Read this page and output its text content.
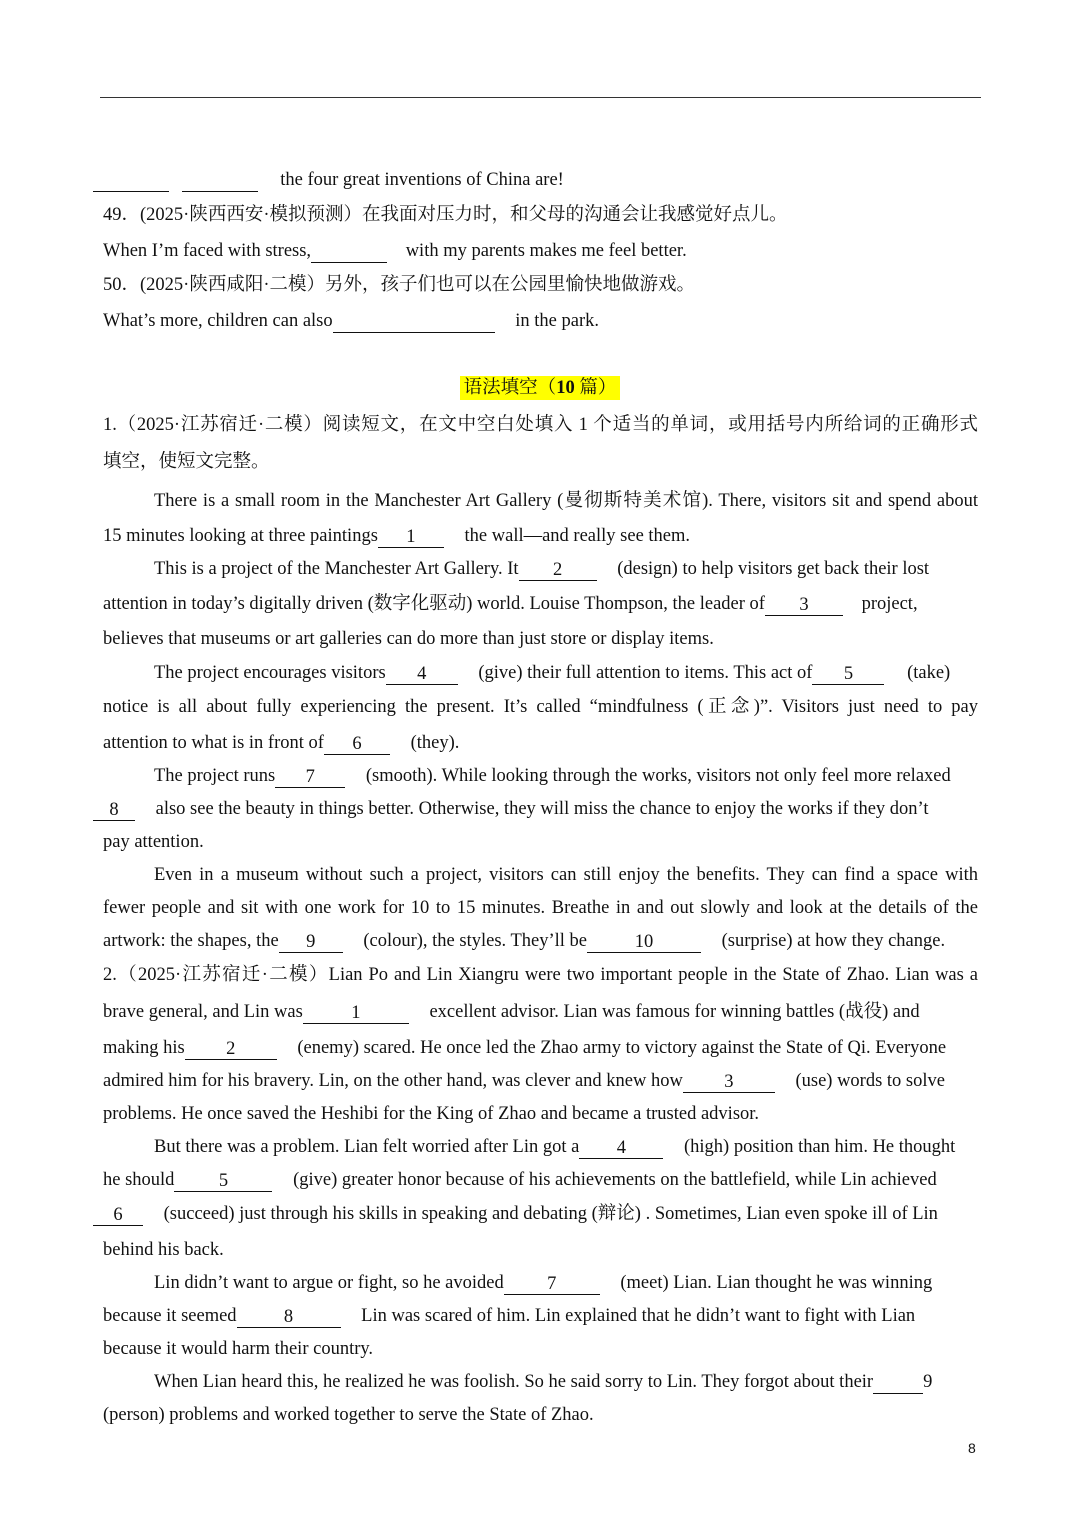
the four great inventions of China are!
49．(2025·陕西西安·模拟预测）在我面对压力时，和父母的沟通会让我感觉好点儿。
When I’m faced with stress,	with my parents makes me feel better.
50．(2025·陕西咸阳·二模）另外，孩子们也可以在公园里愉快地做游戏。
What’s more, children can also	in the park.
语法填空（10 篇）
1.（2025·江苏宿迁·二模）阅读短文，在文中空白处填入 1 个适当的单词，或用括号内所给词的正确形式
填空，使短文完整。
There is a small room in the Manchester Art Gallery (曼彻斯特美术馆). There, visitors sit and spend about
15 minutes looking at three paintings 1	the wall—and really see them.
This is a project of the Manchester Art Gallery. It 2	(design) to help visitors get back their lost
attention in today’s digitally driven (数字化驱动) world. Louise Thompson, the leader of 3	project,
believes that museums or art galleries can do more than just store or display items.
The project encourages visitors 4	(give) their full attention to items. This act of 5	(take)
notice is all about fully experiencing the present. It’s called “mindfulness (正念)”. Visitors just need to pay
attention to what is in front of 6	(they).
The project runs 7	(smooth). While looking through the works, visitors not only feel more relaxed
8 also see the beauty in things better. Otherwise, they will miss the chance to enjoy the works if they don’t
pay attention.
Even in a museum without such a project, visitors can still enjoy the benefits. They can find a space with
fewer people and sit with one work for 10 to 15 minutes. Breathe in and out slowly and look at the details of the
artwork: the shapes, the 9	(colour), the styles. They’ll be	10	(surprise) at how they change.
2.（2025·江苏宿迁·二模）Lian Po and Lin Xiangru were two important people in the State of Zhao. Lian was a
brave general, and Lin was	1	excellent advisor. Lian was famous for winning battles (战役) and
making his 2	(enemy) scared. He once led the Zhao army to victory against the State of Qi. Everyone
admired him for his bravery. Lin, on the other hand, was clever and knew how 3	(use) words to solve
problems. He once saved the Heshibi for the King of Zhao and became a trusted advisor.
But there was a problem. Lian felt worried after Lin got a 4	(high) position than him. He thought
he should 5	(give) greater honor because of his achievements on the battlefield, while Lin achieved
6 (succeed) just through his skills in speaking and debating (辩论) . Sometimes, Lian even spoke ill of Lin
behind his back.
Lin didn’t want to argue or fight, so he avoided 7	(meet) Lian. Lian thought he was winning
because it seemed	8	Lin was scared of him. Lin explained that he didn’t want to fight with Lian
because it would harm their country.
When Lian heard this, he realized he was foolish. So he said sorry to Lin. They forgot about their	9
(person) problems and worked together to serve the State of Zhao.
8
